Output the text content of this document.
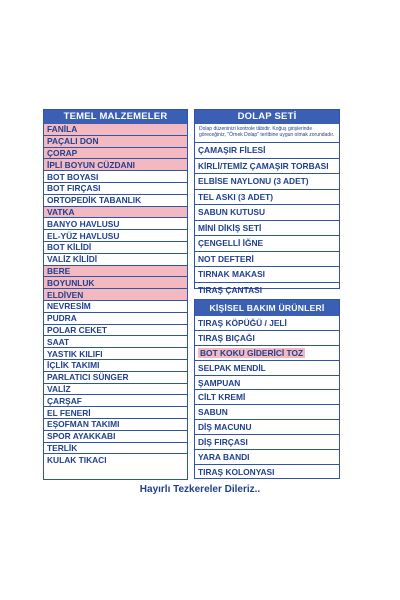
TEMEL MALZEMELER
FANİLA
PAÇALI DON
ÇORAP
İPLİ BOYUN CÜZDANI
BOT BOYASI
BOT FIRÇASI
ORTOPEDİK TABANLIK
VATKA
BANYO HAVLUSU
EL-YÜZ HAVLUSU
BOT KİLİDİ
VALİZ KİLİDİ
BERE
BOYUNLUK
ELDİVEN
NEVRESİM
PUDRA
POLAR CEKET
SAAT
YASTIK KILIFI
İÇLİK TAKIMI
PARLATICI SÜNGER
VALİZ
ÇARŞAF
EL FENERİ
EŞOFMAN TAKIMI
SPOR AYAKKABI
TERLİK
KULAK TIKACI
DOLAP SETİ
Dolap düzeninizi kontrole tâbidir. Koğuş girişlerinde göreceğiniz, "Örnek Dolap" tertibine uygun olmak zorundadır.
ÇAMAŞIR FİLESİ
KİRLİ/TEMİZ ÇAMAŞIR TORBASI
ELBİSE NAYLONU (3 ADET)
TEL ASKI (3 ADET)
SABUN KUTUSU
MİNİ DİKİŞ SETİ
ÇENGELLİ İĞNE
NOT DEFTERİ
TIRNAK MAKASI
TIRAŞ ÇANTASI
KİŞİSEL BAKIM ÜRÜNLERİ
TIRAŞ KÖPÜĞÜ / JELİ
TIRAŞ BIÇAĞI
BOT KOKU GİDERİCİ TOZ
SELPAK MENDİL
ŞAMPUAN
CİLT KREMİ
SABUN
DİŞ MACUNU
DİŞ FIRÇASI
YARA BANDI
TIRAŞ KOLONYASI
Hayırlı Tezkereler Dileriz..
